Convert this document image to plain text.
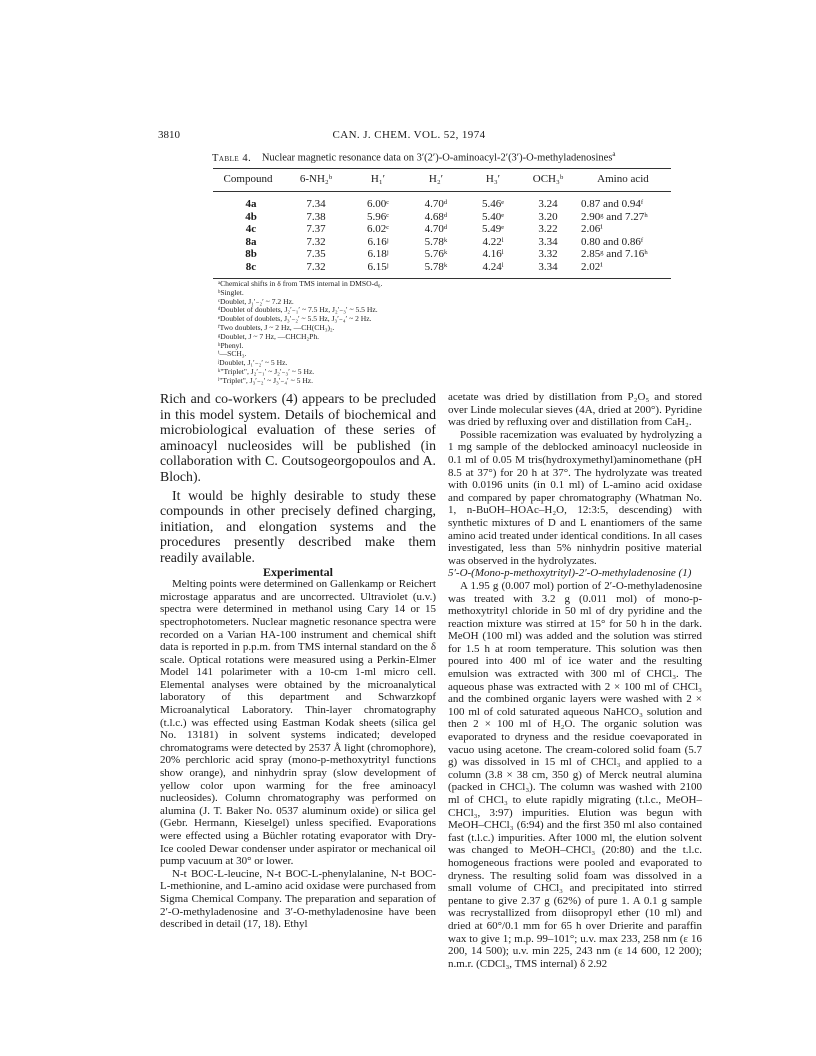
3810	CAN. J. CHEM. VOL. 52, 1974
Table 4. Nuclear magnetic resonance data on 3′(2′)-O-aminoacyl-2′(3′)-O-methyladenosines$^a$
Compound	6-NH₂ᵇ	H₁′	H₂′	H₃′	OCH₃ᵇ	Amino acid
4a	7.34	6.00ᶜ	4.70ᵈ	5.46ᵉ	3.24	0.87 and 0.94ᶠ
4b	7.38	5.96ᶜ	4.68ᵈ	5.40ᵉ	3.20	2.90ᵍ and 7.27ʰ
4c	7.37	6.02ᶜ	4.70ᵈ	5.49ᵉ	3.22	2.06ⁱ
8a	7.32	6.16ʲ	5.78ᵏ	4.22ˡ	3.34	0.80 and 0.86ᶠ
8b	7.35	6.18ʲ	5.76ᵏ	4.16ˡ	3.32	2.85ᵍ and 7.16ʰ
8c	7.32	6.15ʲ	5.78ᵏ	4.24ˡ	3.34	2.02ⁱ
ᵃChemical shifts in δ from TMS internal in DMSO-d₆.
ᵇSinglet.
ᶜDoublet, J₁′₋₂′ ~ 7.2 Hz.
ᵈDoublet of doublets, J₂′₋₁′ ~ 7.5 Hz, J₂′₋₃′ ~ 5.5 Hz.
ᵉDoublet of doublets, J₃′₋₂′ ~ 5.5 Hz, J₃′₋₄′ ~ 2 Hz.
ᶠTwo doublets, J ~ 2 Hz, —CH(CH₃)₂.
ᵍDoublet, J ~ 7 Hz, —CHCH₂Ph.
ʰPhenyl.
ⁱ—SCH₃.
ʲDoublet, J₁′₋₂′ ~ 5 Hz.
ᵏ"Triplet", J₂′₋₁′ ~ J₂′₋₃′ ~ 5 Hz.
ˡ"Triplet", J₃′₋₂′ ~ J₃′₋₄′ ~ 5 Hz.

Rich and co-workers (4) appears to be precluded in this model system. Details of biochemical and microbiological evaluation of these series of aminoacyl nucleosides will be published (in collaboration with C. Coutsogeorgopoulos and A. Bloch).

It would be highly desirable to study these compounds in other precisely defined charging, initiation, and elongation systems and the procedures presently described make them readily available.

Experimental

Melting points were determined on Gallenkamp or Reichert microstage apparatus and are uncorrected. Ultraviolet (u.v.) spectra were determined in methanol using Cary 14 or 15 spectrophotometers. Nuclear magnetic resonance spectra were recorded on a Varian HA-100 instrument and chemical shift data is reported in p.p.m. from TMS internal standard on the δ scale. Optical rotations were measured using a Perkin-Elmer Model 141 polarimeter with a 10-cm 1-ml micro cell. Elemental analyses were obtained by the microanalytical laboratory of this department and Schwarzkopf Microanalytical Laboratory. Thin-layer chromatography (t.l.c.) was effected using Eastman Kodak sheets (silica gel No. 13181) in solvent systems indicated; developed chromatograms were detected by 2537 Å light (chromophore), 20% perchloric acid spray (mono-p-methoxytrityl functions show orange), and ninhydrin spray (slow development of yellow color upon warming for the free aminoacyl nucleosides). Column chromatography was performed on alumina (J. T. Baker No. 0537 aluminum oxide) or silica gel (Gebr. Hermann, Kieselgel) unless specified. Evaporations were effected using a Büchler rotating evaporator with Dry-Ice cooled Dewar condenser under aspirator or mechanical oil pump vacuum at 30° or lower.

N-t BOC-L-leucine, N-t BOC-L-phenylalanine, N-t BOC-L-methionine, and L-amino acid oxidase were purchased from Sigma Chemical Company. The preparation and separation of 2′-O-methyladenosine and 3′-O-methyladenosine have been described in detail (17, 18). Ethyl

acetate was dried by distillation from P₂O₅ and stored over Linde molecular sieves (4A, dried at 200°). Pyridine was dried by refluxing over and distillation from CaH₂.

Possible racemization was evaluated by hydrolyzing a 1 mg sample of the deblocked aminoacyl nucleoside in 0.1 ml of 0.05 M tris(hydroxymethyl)aminomethane (pH 8.5 at 37°) for 20 h at 37°. The hydrolyzate was treated with 0.0196 units (in 0.1 ml) of L-amino acid oxidase and compared by paper chromatography (Whatman No. 1, n-BuOH–HOAc–H₂O, 12:3:5, descending) with synthetic mixtures of D and L enantiomers of the same amino acid treated under identical conditions. In all cases investigated, less than 5% ninhydrin positive material was observed in the hydrolyzates.

5′-O-(Mono-p-methoxytrityl)-2′-O-methyladenosine (1)

A 1.95 g (0.007 mol) portion of 2′-O-methyladenosine was treated with 3.2 g (0.011 mol) of mono-p-methoxytrityl chloride in 50 ml of dry pyridine and the reaction mixture was stirred at 15° for 50 h in the dark. MeOH (100 ml) was added and the solution was stirred for 1.5 h at room temperature. This solution was then poured into 400 ml of ice water and the resulting emulsion was extracted with 300 ml of CHCl₃. The aqueous phase was extracted with 2 × 100 ml of CHCl₃ and the combined organic layers were washed with 2 × 100 ml of cold saturated aqueous NaHCO₃ solution and then 2 × 100 ml of H₂O. The organic solution was evaporated to dryness and the residue coevaporated in vacuo using acetone. The cream-colored solid foam (5.7 g) was dissolved in 15 ml of CHCl₃ and applied to a column (3.8 × 38 cm, 350 g) of Merck neutral alumina (packed in CHCl₃). The column was washed with 2100 ml of CHCl₃ to elute rapidly migrating (t.l.c., MeOH–CHCl₃, 3:97) impurities. Elution was begun with MeOH–CHCl₃ (6:94) and the first 350 ml also contained fast (t.l.c.) impurities. After 1000 ml, the elution solvent was changed to MeOH–CHCl₃ (20:80) and the t.l.c. homogeneous fractions were pooled and evaporated to dryness. The resulting solid foam was dissolved in a small volume of CHCl₃ and precipitated into stirred pentane to give 2.37 g (62%) of pure 1. A 0.1 g sample was recrystallized from diisopropyl ether (10 ml) and dried at 60°/0.1 mm for 65 h over Drierite and paraffin wax to give 1; m.p. 99–101°; u.v. max 233, 258 nm (ε 16 200, 14 500); u.v. min 225, 243 nm (ε 14 600, 12 200); n.m.r. (CDCl₃, TMS internal) δ 2.92
